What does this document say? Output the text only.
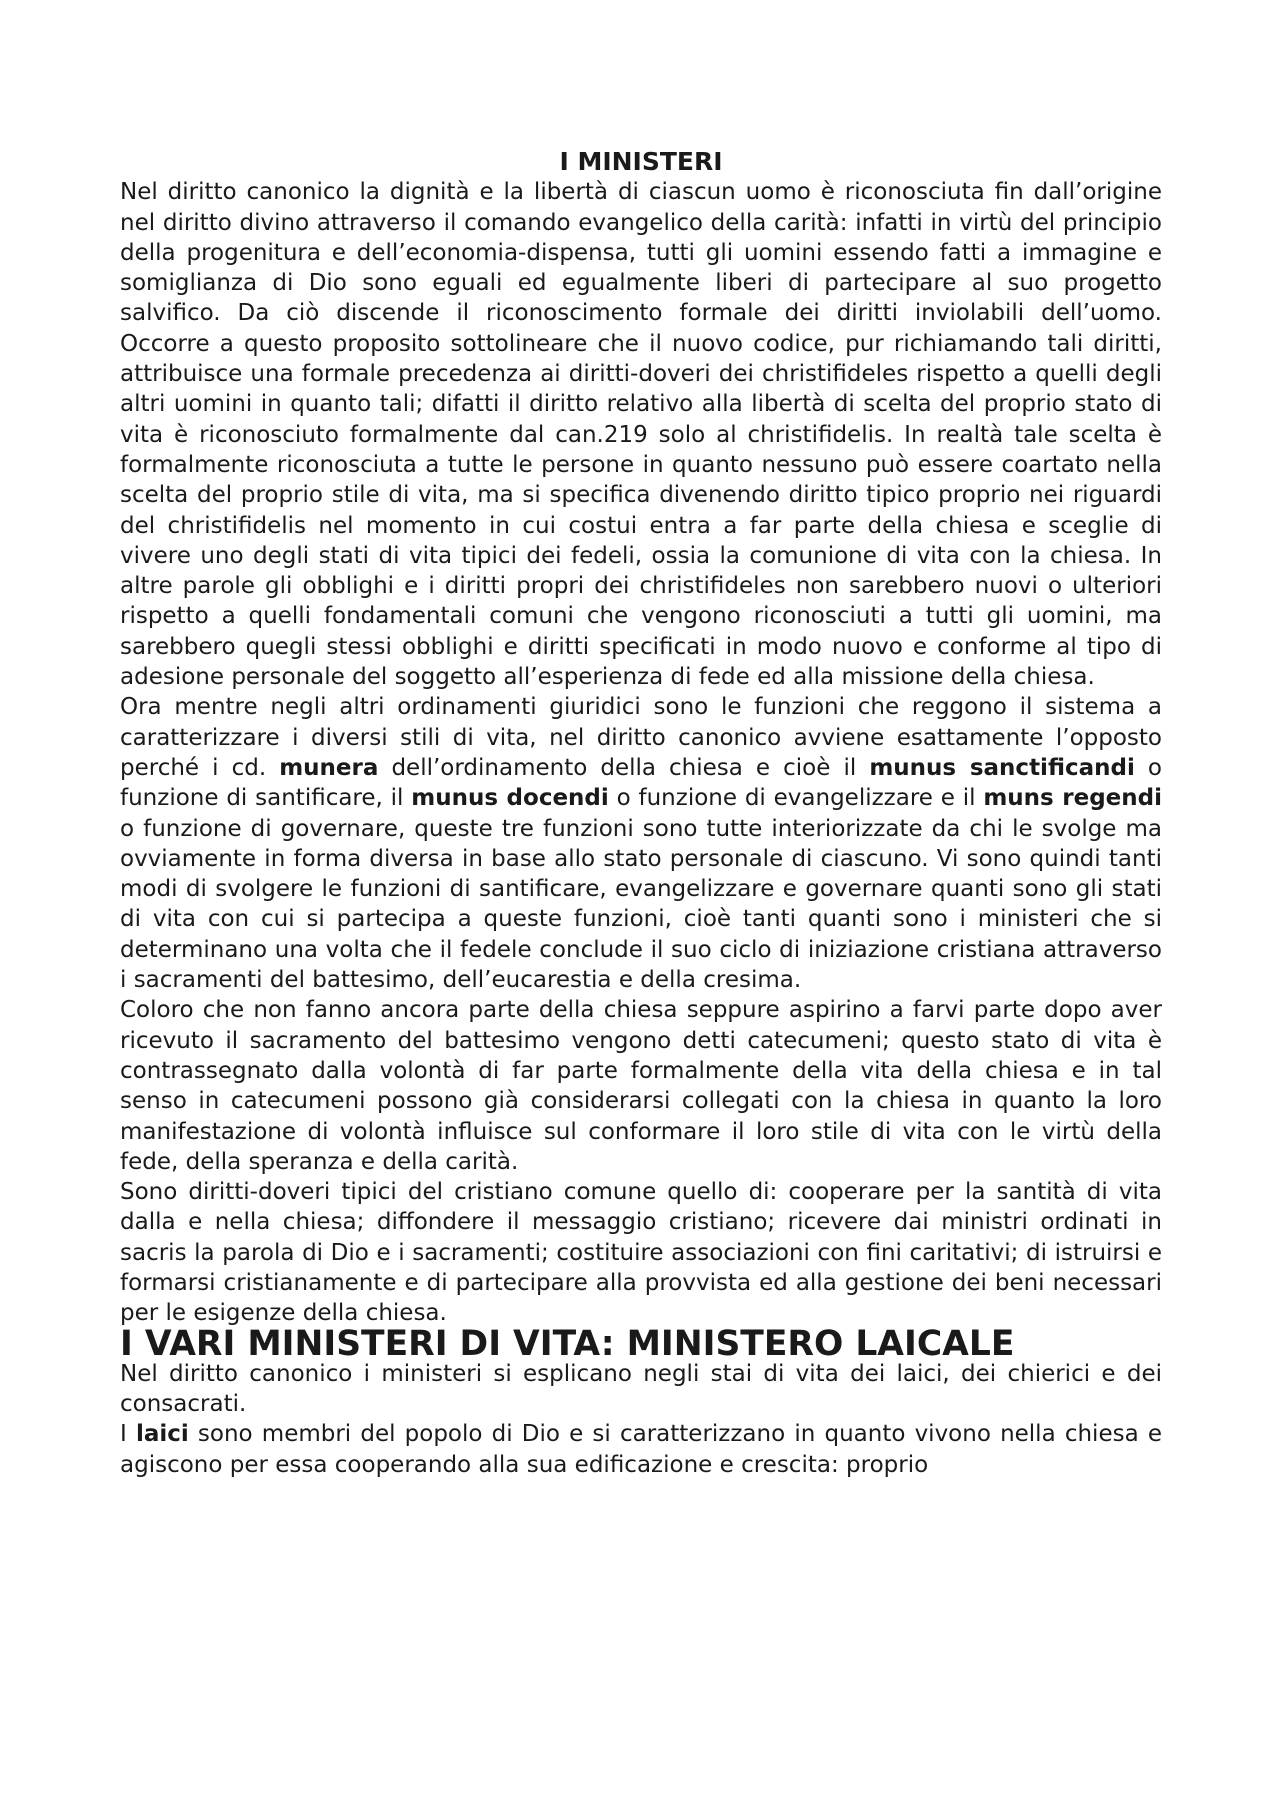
I MINISTERI

Nel diritto canonico la dignità e la libertà di ciascun uomo è riconosciuta fin dall’origine nel diritto divino attraverso il comando evangelico della carità: infatti in virtù del principio della progenitura e dell’economia-dispensa, tutti gli uomini essendo fatti a immagine e somiglianza di Dio sono eguali ed egualmente liberi di partecipare al suo progetto salvifico. Da ciò discende il riconoscimento formale dei diritti inviolabili dell’uomo. Occorre a questo proposito sottolineare che il nuovo codice, pur richiamando tali diritti, attribuisce una formale precedenza ai diritti-doveri dei christifideles rispetto a quelli degli altri uomini in quanto tali; difatti il diritto relativo alla libertà di scelta del proprio stato di vita è riconosciuto formalmente dal can.219 solo al christifidelis. In realtà tale scelta è formalmente riconosciuta a tutte le persone in quanto nessuno può essere coartato nella scelta del proprio stile di vita, ma si specifica divenendo diritto tipico proprio nei riguardi del christifidelis nel momento in cui costui entra a far parte della chiesa e sceglie di vivere uno degli stati di vita tipici dei fedeli, ossia la comunione di vita con la chiesa. In altre parole gli obblighi e i diritti propri dei christifideles non sarebbero nuovi o ulteriori rispetto a quelli fondamentali comuni che vengono riconosciuti a tutti gli uomini, ma sarebbero quegli stessi obblighi e diritti specificati in modo nuovo e conforme al tipo di adesione personale del soggetto all’esperienza di fede ed alla missione della chiesa.

Ora mentre negli altri ordinamenti giuridici sono le funzioni che reggono il sistema a caratterizzare i diversi stili di vita, nel diritto canonico avviene esattamente l’opposto perché i cd. munera dell’ordinamento della chiesa e cioè il munus sanctificandi o funzione di santificare, il munus docendi o funzione di evangelizzare e il muns regendi o funzione di governare, queste tre funzioni sono tutte interiorizzate da chi le svolge ma ovviamente in forma diversa in base allo stato personale di ciascuno. Vi sono quindi tanti modi di svolgere le funzioni di santificare, evangelizzare e governare quanti sono gli stati di vita con cui si partecipa a queste funzioni, cioè tanti quanti sono i ministeri che si determinano una volta che il fedele conclude il suo ciclo di iniziazione cristiana attraverso i sacramenti del battesimo, dell’eucarestia e della cresima.

Coloro che non fanno ancora parte della chiesa seppure aspirino a farvi parte dopo aver ricevuto il sacramento del battesimo vengono detti catecumeni; questo stato di vita è contrassegnato dalla volontà di far parte formalmente della vita della chiesa e in tal senso in catecumeni possono già considerarsi collegati con la chiesa in quanto la loro manifestazione di volontà influisce sul conformare il loro stile di vita con le virtù della fede, della speranza e della carità.

Sono diritti-doveri tipici del cristiano comune quello di: cooperare per la santità di vita dalla e nella chiesa; diffondere il messaggio cristiano; ricevere dai ministri ordinati in sacris la parola di Dio e i sacramenti; costituire associazioni con fini caritativi; di istruirsi e formarsi cristianamente e di partecipare alla provvista ed alla gestione dei beni necessari per le esigenze della chiesa.

I VARI MINISTERI DI VITA: MINISTERO LAICALE

Nel diritto canonico i ministeri si esplicano negli stai di vita dei laici, dei chierici e dei consacrati.

I laici sono membri del popolo di Dio e si caratterizzano in quanto vivono nella chiesa e agiscono per essa cooperando alla sua edificazione e crescita: proprio
